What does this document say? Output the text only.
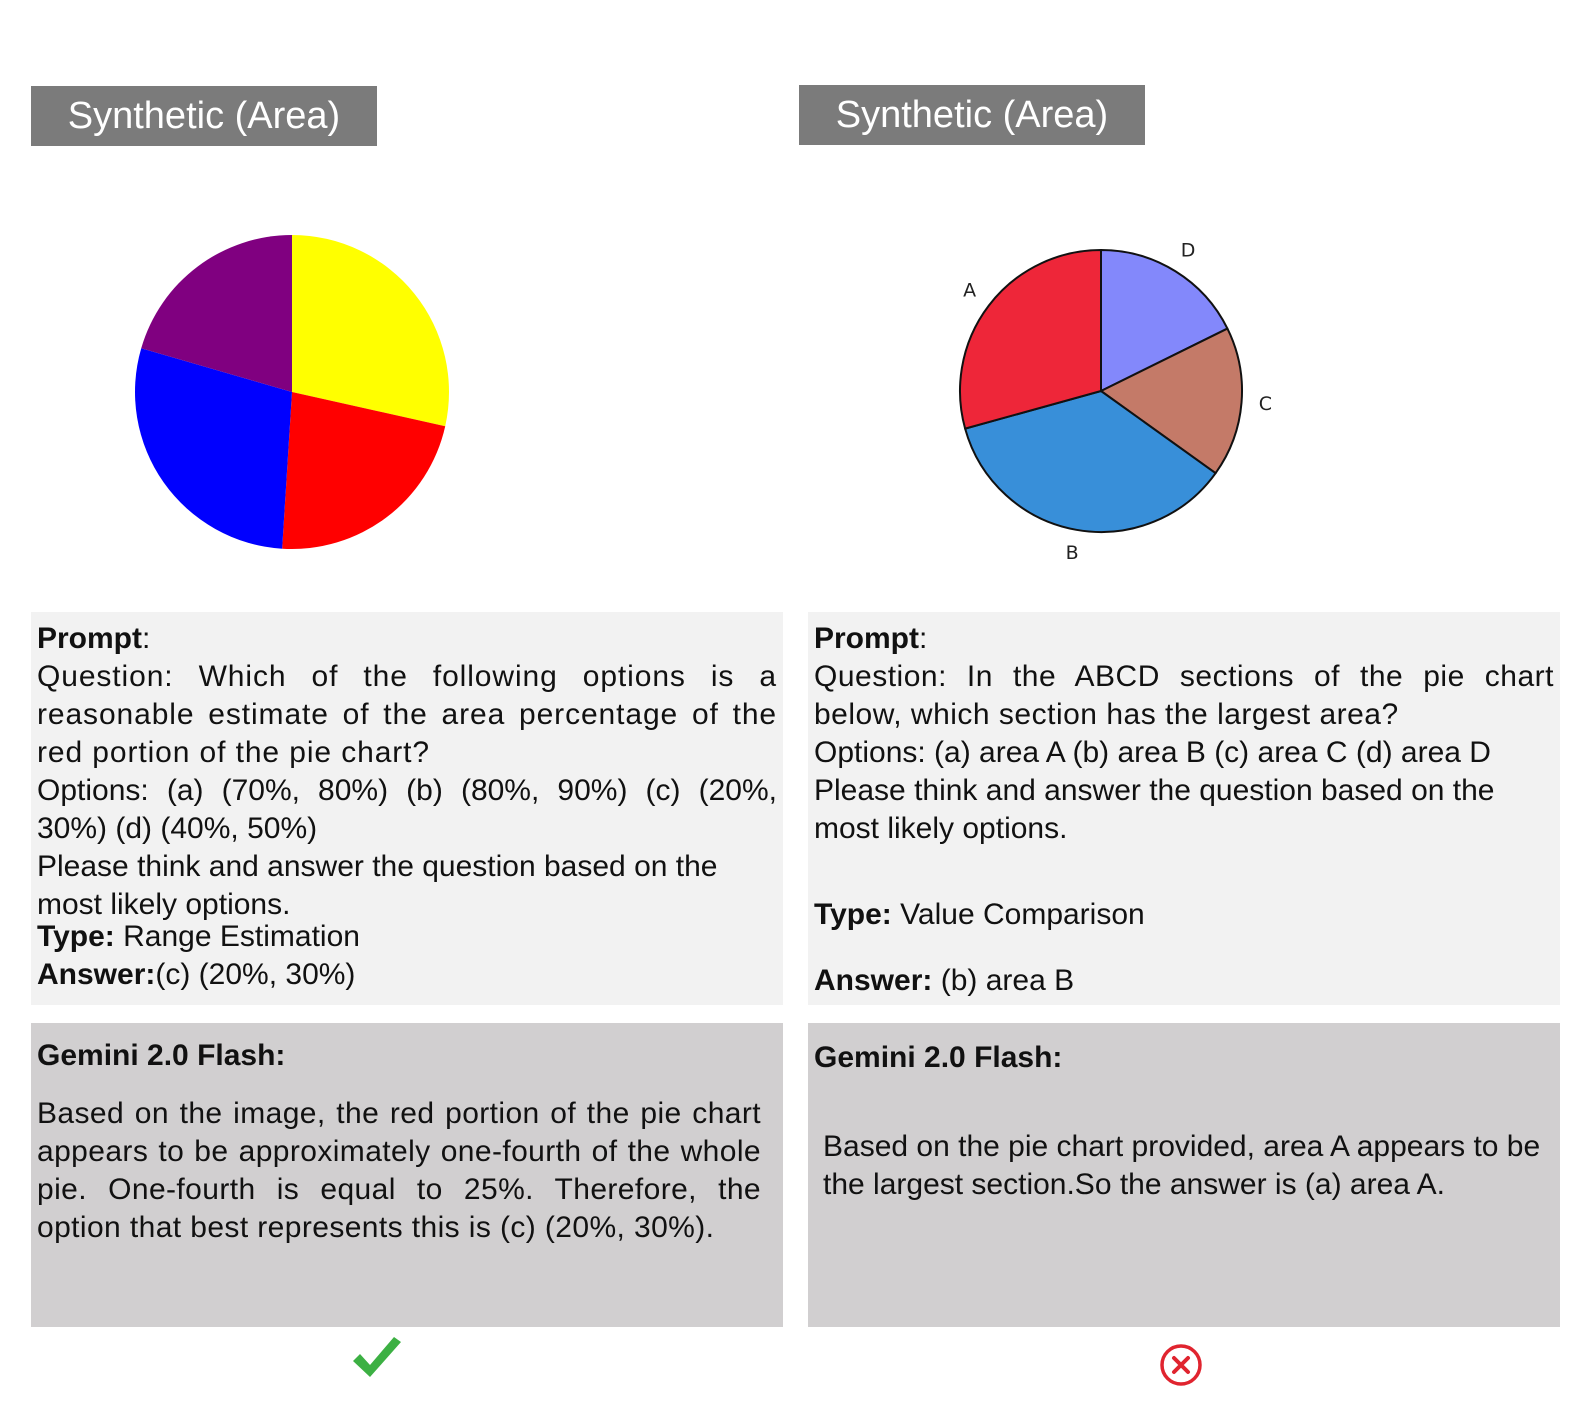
Synthetic (Area)

Prompt:

Question: Which of the following options is a reasonable estimate of the area percentage of the red portion of the pie chart?

Options: (a) (70%, 80%) (b) (80%, 90%) (c) (20%, 30%) (d) (40%, 50%)

Please think and answer the question based on the most likely options.

Type: Range Estimation

Answer:(c) (20%, 30%)

Gemini 2.0 Flash:
Based on the image, the red portion of the pie chart appears to be approximately one-fourth of the whole pie. One-fourth is equal to 25%. Therefore, the option that best represents this is (c) (20%, 30%).
Synthetic (Area)
D
C
B
A

Prompt:

Question: In the ABCD sections of the pie chart below, which section has the largest area?

Options: (a) area A (b) area B (c) area C (d) area D

Please think and answer the question based on the most likely options.

Type: Value Comparison

Answer: (b) area B

Gemini 2.0 Flash:
Based on the pie chart provided, area A appears to be the largest section.So the answer is (a) area A.
